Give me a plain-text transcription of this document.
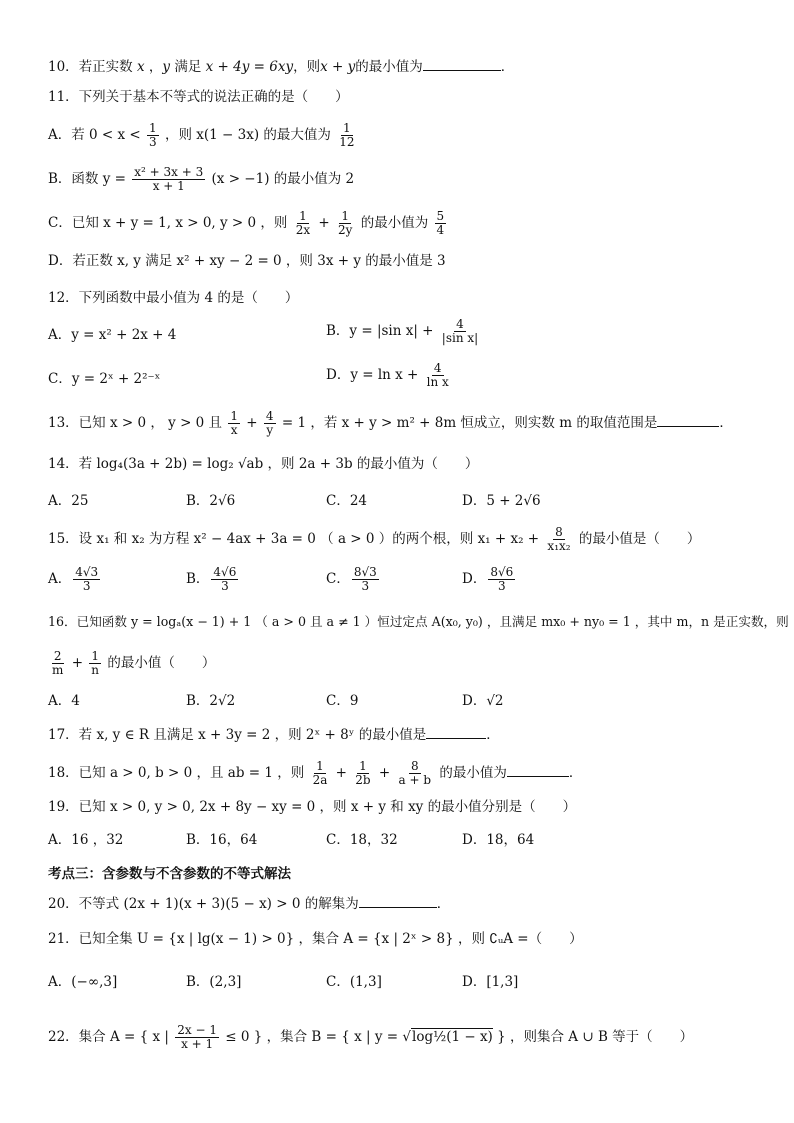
10．若正实数 x ，y 满足 x + 4y = 6xy，则x + y的最小值为	．
11．下列关于基本不等式的说法正确的是（　　）
A．若 $0 < x < \frac{1}{3}$ ，则 x(1 − 3x) 的最大值为 $\frac{1}{12}$
B．函数 $y = \frac{\text{x² + 3x + 3}}{x + 1} (x > -1)$ 的最小值为 2
C．已知 x + y = 1, x > 0, y > 0 ，则 $\frac{1}{2x} + \frac{1}{2y}$ 的最小值为 $\frac{5}{4}$
D．若正数 x, y 满足 x² + xy − 2 = 0 ，则 3x + y 的最小值是 3
12．下列函数中最小值为 4 的是（　　）
A．y = x² + 2x + 4	B．y = |sin $x| + \frac{4}{\text{|sin x|}}$
C．y = 2ˣ + 2²⁻ˣ	D．$y = \ln x + \frac{4}{\text{ln x}}$
13．已知 x > 0 ， y > 0 且 $\frac{1}{x} + \frac{4}{y} = 1$ ，若 x + y > m² + 8m 恒成立，则实数 m 的取值范围是	．
14．若 log₄(3a + 2b) = log₂ √ab ，则 2a + 3b 的最小值为（　　）
A．25	B．2√6	C．24	D．5 + 2√6
15．设 x₁ 和 x₂ 为方程 x² − 4ax + 3a = 0 （ a > 0 ）的两个根，则 $x_1 + x_2 + \frac{8}{\text{x₁x₂}}$ 的最小值是（　　）
A． $\frac{4√3}{3}$	B． $\frac{4√6}{3}$	C． $\frac{8√3}{3}$	D． $\frac{8√6}{3}$
16．已知函数 y = logₐ(x − 1) + 1 （ a > 0 且 a ≠ 1 ）恒过定点 A(x₀, y₀) ，且满足 mx₀ + ny₀ = 1 ，其中 m，n 是正实数，则
$\frac{2}{m} + \frac{1}{n}$ 的最小值（　　）
A．4	B．2√2	C．9	D．√2
17．若 x, y ∈ R 且满足 x + 3y = 2 ，则 2ˣ + 8ʸ 的最小值是	．
18．已知 a > 0, b > 0 ，且 ab = 1 ，则 $\frac{1}{2a} + \frac{1}{2b} + \frac{8}{a + b}$ 的最小值为	．
19．已知 x > 0, y > 0, 2x + 8y − xy = 0 ，则 x + y 和 xy 的最小值分别是（　　）
A．16 ，32	B．16，64	C．18，32	D．18，64
考点三：含参数与不含参数的不等式解法
20．不等式 (2x + 1)(x + 3)(5 − x) > 0 的解集为	．
21．已知全集 U = {x | lg(x − 1) > 0} ，集合 A = {x | 2ˣ > 8} ，则 ∁ᵤA =（　　）
A．(−∞,3]	B．(2,3]	C．(1,3]	D．[1,3]
22．集合 A = { x | $\frac{2x - 1}{x + 1} \le 0$ } ，集合 B = { x | y = √log½(1 − x) } ，则集合 A ∪ B 等于（　　）
